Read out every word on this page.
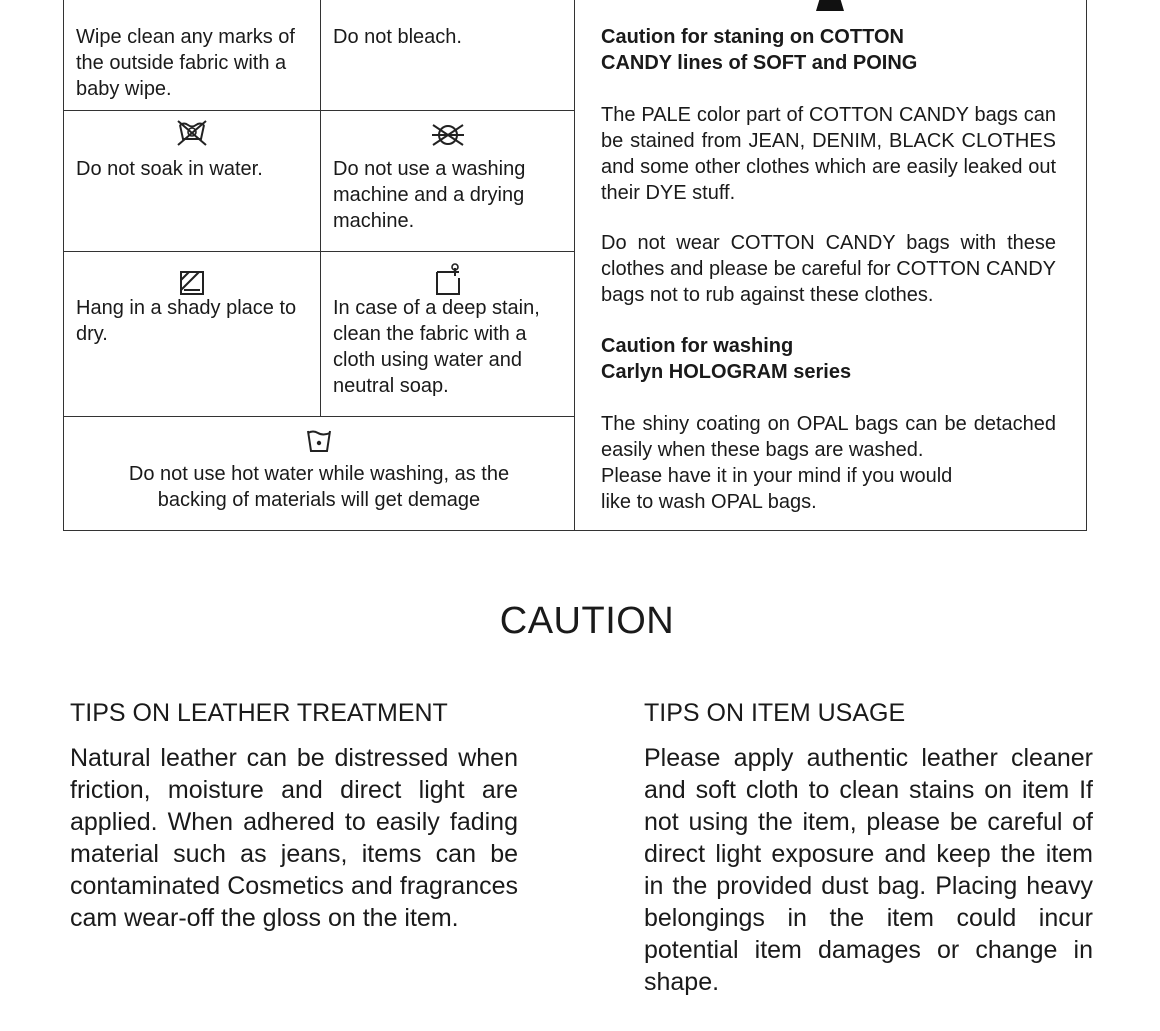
Wipe clean any marks of the outside fabric with a baby wipe.
Do not bleach.
Do not soak in water.	Do not use a washing machine and a drying machine.
Hang in a shady place to dry.
In case of a deep stain, clean the fabric with a cloth using water and neutral soap.
Do not use hot water while washing, as the
backing of materials will get demage
Caution for staning on COTTON
CANDY lines of SOFT and POING
The PALE color part of COTTON CANDY bags can be stained from JEAN, DENIM, BLACK CLOTHES and some other clothes which are easily leaked out their DYE stuff.
Do not wear COTTON CANDY bags with these clothes and please be careful for COTTON CANDY bags not to rub against these clothes.
Caution for washing
Carlyn HOLOGRAM series
The shiny coating on OPAL bags can be detached easily when these bags are washed.
Please have it in your mind if you would
like to wash OPAL bags.
CAUTION
TIPS ON LEATHER TREATMENT

Natural leather can be distressed when friction, moisture and direct light are applied. When adhered to easily fading material such as jeans, items can be contaminated Cosmetics and fragrances cam wear-off the gloss on the item.

TIPS ON ITEM USAGE

Please apply authentic leather cleaner and soft cloth to clean stains on item If not using the item, please be careful of direct light exposure and keep the item in the provided dust bag. Placing heavy belongings in the item could incur potential item damages or change in shape.
